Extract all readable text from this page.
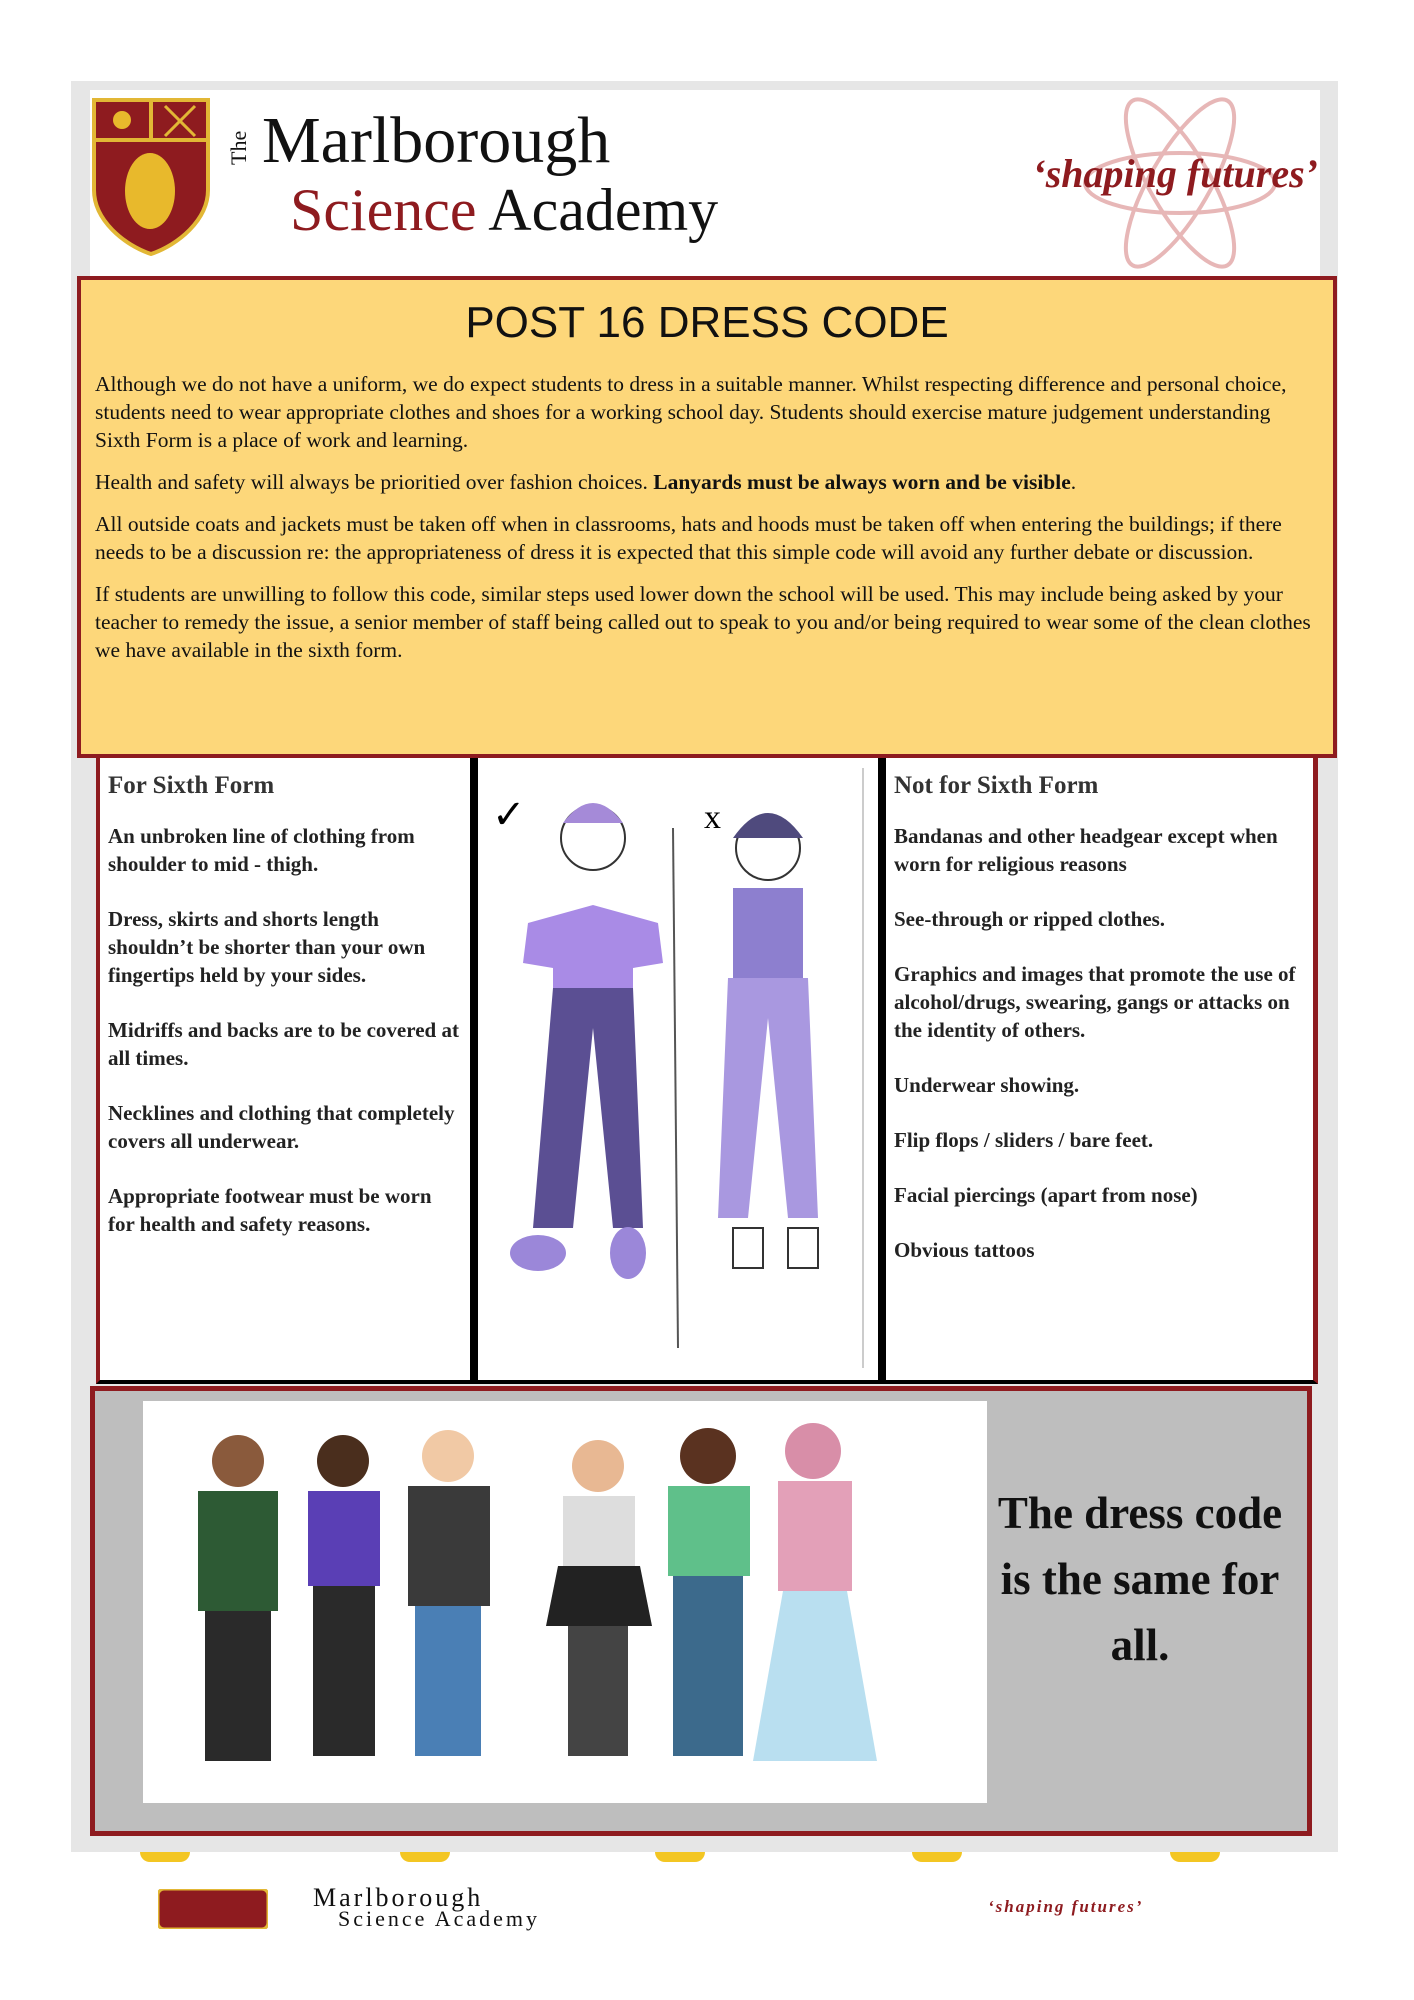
The Marlborough
Science Academy
‘shaping futures’
POST 16 DRESS CODE

Although we do not have a uniform, we do expect students to dress in a suitable manner. Whilst respecting difference and personal choice, students need to wear appropriate clothes and shoes for a working school day. Students should exercise mature judgement understanding Sixth Form is a place of work and learning.

Health and safety will always be prioritied over fashion choices. Lanyards must be always worn and be visible.

All outside coats and jackets must be taken off when in classrooms, hats and hoods must be taken off when entering the buildings; if there needs to be a discussion re: the appropriateness of dress it is expected that this simple code will avoid any further debate or discussion.

If students are unwilling to follow this code, similar steps used lower down the school will be used. This may include being asked by your teacher to remedy the issue, a senior member of staff being called out to speak to you and/or being required to wear some of the clean clothes we have available in the sixth form.

For Sixth Form

An unbroken line of clothing from shoulder to mid - thigh.

Dress, skirts and shorts length shouldn’t be shorter than your own fingertips held by your sides.

Midriffs and backs are to be covered at all times.

Necklines and clothing that completely covers all underwear.

Appropriate footwear must be worn for health and safety reasons.

✓	x
Not for Sixth Form

Bandanas and other headgear except when worn for religious reasons

See-through or ripped clothes.

Graphics and images that promote the use of alcohol/drugs, swearing, gangs or attacks on the identity of others.

Underwear showing.

Flip flops / sliders / bare feet.

Facial piercings (apart from nose)

Obvious tattoos

The dress code is the same for all.
Marlborough
Science Academy	‘shaping futures’
